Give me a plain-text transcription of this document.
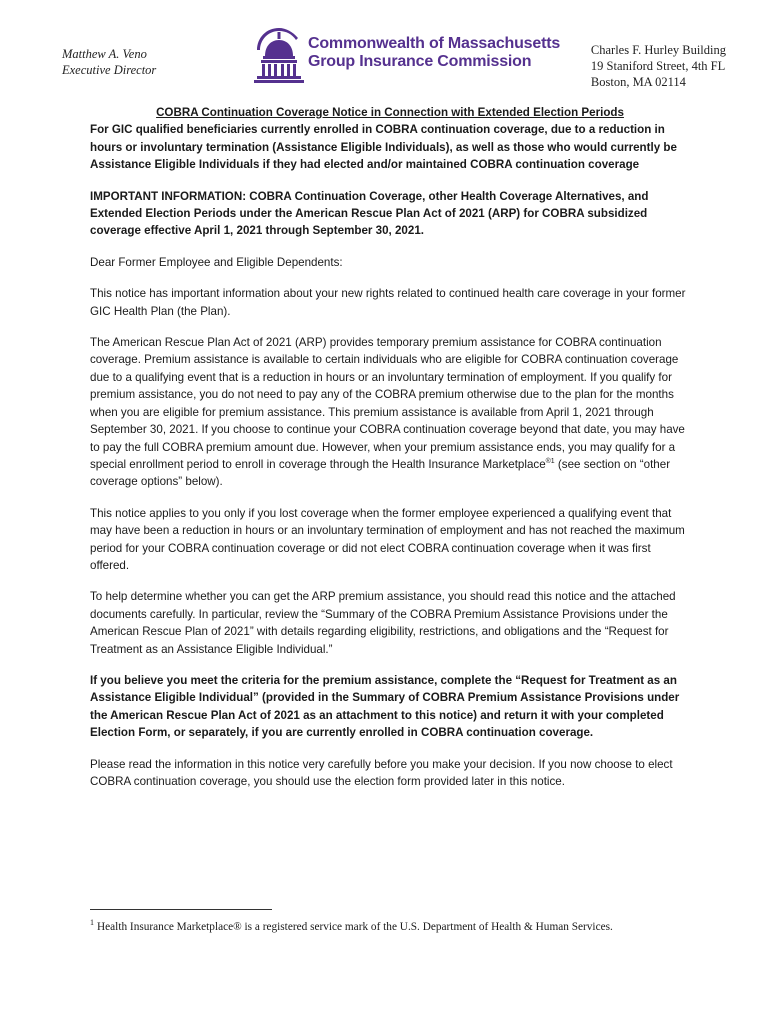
Matthew A. Veno
Executive Director
Commonwealth of Massachusetts
Group Insurance Commission
Charles F. Hurley Building
19 Staniford Street, 4th FL
Boston, MA 02114

COBRA Continuation Coverage Notice in Connection with Extended Election Periods

For GIC qualified beneficiaries currently enrolled in COBRA continuation coverage, due to a reduction in hours or involuntary termination (Assistance Eligible Individuals), as well as those who would currently be Assistance Eligible Individuals if they had elected and/or maintained COBRA continuation coverage

IMPORTANT INFORMATION: COBRA Continuation Coverage, other Health Coverage Alternatives, and Extended Election Periods under the American Rescue Plan Act of 2021 (ARP) for COBRA subsidized coverage effective April 1, 2021 through September 30, 2021.

Dear Former Employee and Eligible Dependents:

This notice has important information about your new rights related to continued health care coverage in your former GIC Health Plan (the Plan).

The American Rescue Plan Act of 2021 (ARP) provides temporary premium assistance for COBRA continuation coverage. Premium assistance is available to certain individuals who are eligible for COBRA continuation coverage due to a qualifying event that is a reduction in hours or an involuntary termination of employment. If you qualify for premium assistance, you do not need to pay any of the COBRA premium otherwise due to the plan for the months when you are eligible for premium assistance. This premium assistance is available from April 1, 2021 through September 30, 2021. If you choose to continue your COBRA continuation coverage beyond that date, you may have to pay the full COBRA premium amount due. However, when your premium assistance ends, you may qualify for a special enrollment period to enroll in coverage through the Health Insurance Marketplace$^{®1}$ (see section on “other coverage options” below).

This notice applies to you only if you lost coverage when the former employee experienced a qualifying event that may have been a reduction in hours or an involuntary termination of employment and has not reached the maximum period for your COBRA continuation coverage or did not elect COBRA continuation coverage when it was first offered.

To help determine whether you can get the ARP premium assistance, you should read this notice and the attached documents carefully. In particular, review the “Summary of the COBRA Premium Assistance Provisions under the American Rescue Plan of 2021” with details regarding eligibility, restrictions, and obligations and the “Request for Treatment as an Assistance Eligible Individual.”

If you believe you meet the criteria for the premium assistance, complete the “Request for Treatment as an Assistance Eligible Individual” (provided in the Summary of COBRA Premium Assistance Provisions under the American Rescue Plan Act of 2021 as an attachment to this notice) and return it with your completed Election Form, or separately, if you are currently enrolled in COBRA continuation coverage.

Please read the information in this notice very carefully before you make your decision. If you now choose to elect COBRA continuation coverage, you should use the election form provided later in this notice.

$^1$ Health Insurance Marketplace® is a registered service mark of the U.S. Department of Health & Human Services.
